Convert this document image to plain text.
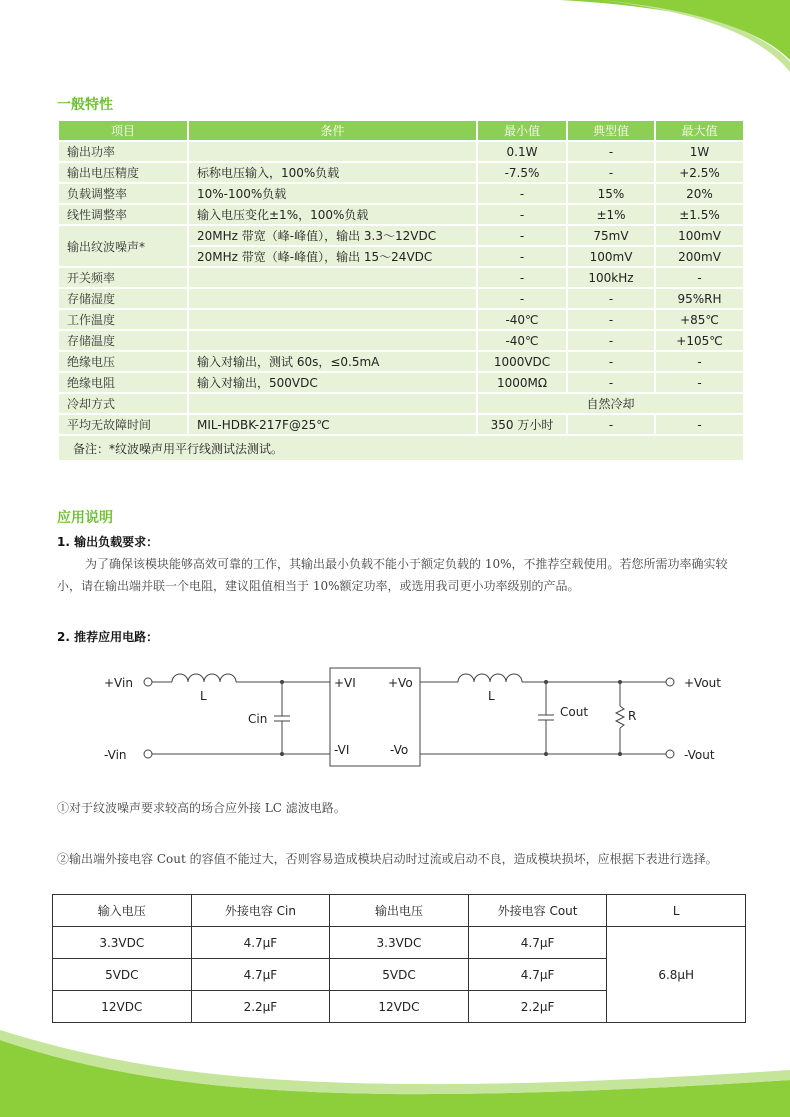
一般特性
项目	条件	最小值	典型值	最大值
输出功率		0.1W	-	1W
输出电压精度	标称电压输入，100%负载	-7.5%	-	+2.5%
负载调整率	10%-100%负载	-	15%	20%
线性调整率	输入电压变化±1%，100%负载	-	±1%	±1.5%
输出纹波噪声*	20MHz 带宽（峰-峰值），输出 3.3～12VDC	-	75mV	100mV
	20MHz 带宽（峰-峰值），输出 15～24VDC	-	100mV	200mV
开关频率		-	100kHz	-
存储湿度		-	-	95%RH
工作温度		-40℃	-	+85℃
存储温度		-40℃	-	+105℃
绝缘电压	输入对输出，测试 60s，≤0.5mA	1000VDC	-	-
绝缘电阻	输入对输出，500VDC	1000MΩ	-	-
冷却方式		自然冷却		
平均无故障时间	MIL-HDBK-217F@25℃	350 万小时	-	-
备注：*纹波噪声用平行线测试法测试。				
应用说明
1. 输出负载要求：

为了确保该模块能够高效可靠的工作，其输出最小负载不能小于额定负载的 10%，不推荐空载使用。若您所需功率确实较小，请在输出端并联一个电阻，建议阻值相当于 10%额定功率，或选用我司更小功率级别的产品。

2. 推荐应用电路：
+Vin
-Vin
L
Cin
+VI
-VI
+Vo
-Vo
L
Cout	R
+Vout
-Vout

①对于纹波噪声要求较高的场合应外接 LC 滤波电路。

②输出端外接电容 Cout 的容值不能过大，否则容易造成模块启动时过流或启动不良，造成模块损坏，应根据下表进行选择。

输入电压	外接电容 Cin	输出电压	外接电容 Cout	L
3.3VDC	4.7μF	3.3VDC	4.7μF	6.8μH
5VDC	4.7μF	5VDC	4.7μF	
12VDC	2.2μF	12VDC	2.2μF	
